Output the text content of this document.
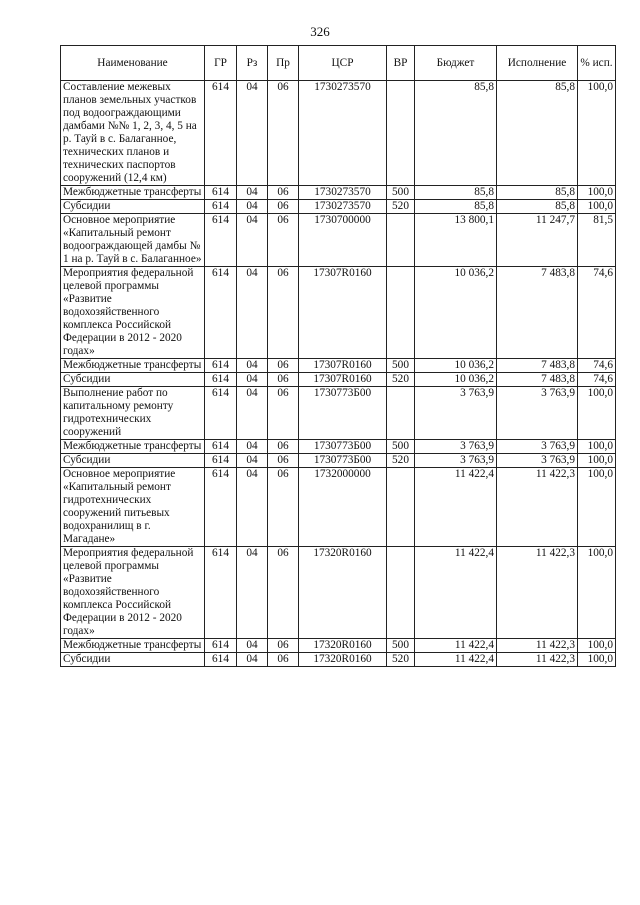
326
Наименование	ГР	Рз	Пр	ЦСР	ВР	Бюджет	Исполнение	% исп.
Составление межевых планов земельных участков под водоограждающими дамбами №№ 1, 2, 3, 4, 5 на р. Тауй в с. Балаганное, технических планов и технических паспортов сооружений (12,4 км)	614	04	06	1730273570		85,8	85,8	100,0
Межбюджетные трансферты	614	04	06	1730273570	500	85,8	85,8	100,0
Субсидии	614	04	06	1730273570	520	85,8	85,8	100,0
Основное мероприятие «Капитальный ремонт водоограждающей дамбы № 1 на р. Тауй в с. Балаганное»	614	04	06	1730700000		13 800,1	11 247,7	81,5
Мероприятия федеральной целевой программы «Развитие водохозяйственного комплекса Российской Федерации в 2012 - 2020 годах»	614	04	06	17307R0160		10 036,2	7 483,8	74,6
Межбюджетные трансферты	614	04	06	17307R0160	500	10 036,2	7 483,8	74,6
Субсидии	614	04	06	17307R0160	520	10 036,2	7 483,8	74,6
Выполнение работ по капитальному ремонту гидротехнических сооружений	614	04	06	1730773Б00		3 763,9	3 763,9	100,0
Межбюджетные трансферты	614	04	06	1730773Б00	500	3 763,9	3 763,9	100,0
Субсидии	614	04	06	1730773Б00	520	3 763,9	3 763,9	100,0
Основное мероприятие «Капитальный ремонт гидротехнических сооружений питьевых водохранилищ в г. Магадане»	614	04	06	1732000000		11 422,4	11 422,3	100,0
Мероприятия федеральной целевой программы «Развитие водохозяйственного комплекса Российской Федерации в 2012 - 2020 годах»	614	04	06	17320R0160		11 422,4	11 422,3	100,0
Межбюджетные трансферты	614	04	06	17320R0160	500	11 422,4	11 422,3	100,0
Субсидии	614	04	06	17320R0160	520	11 422,4	11 422,3	100,0
